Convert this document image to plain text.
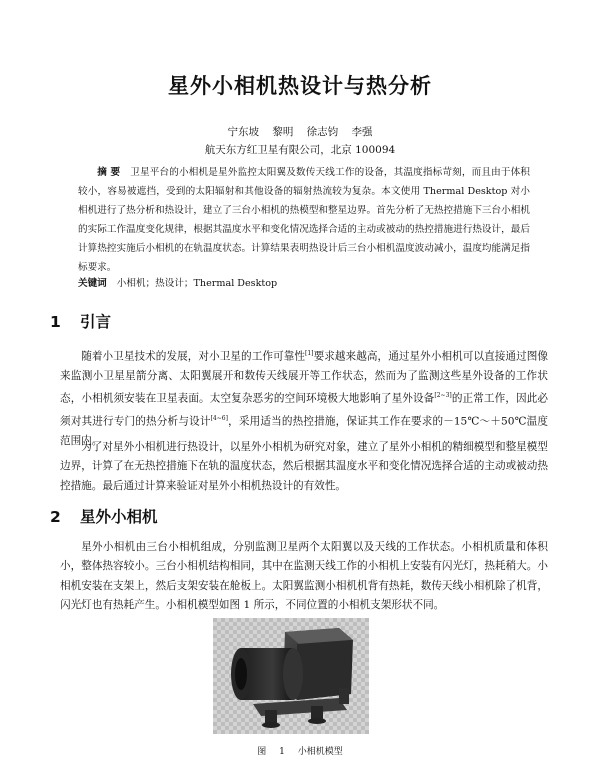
星外小相机热设计与热分析
宁东坡 黎明 徐志钧 李强
航天东方红卫星有限公司，北京 100094
摘 要 卫星平台的小相机是星外监控太阳翼及数传天线工作的设备，其温度指标苛刻，而且由于体积较小，容易被遮挡，受到的太阳辐射和其他设备的辐射热流较为复杂。本文使用 Thermal Desktop 对小相机进行了热分析和热设计，建立了三台小相机的热模型和整星边界。首先分析了无热控措施下三台小相机的实际工作温度变化规律，根据其温度水平和变化情况选择合适的主动或被动的热控措施进行热设计，最后计算热控实施后小相机的在轨温度状态。计算结果表明热设计后三台小相机温度波动减小，温度均能满足指标要求。
关键词 小相机；热设计；Thermal Desktop
1 引言
随着小卫星技术的发展，对小卫星的工作可靠性[1]要求越来越高，通过星外小相机可以直接通过图像来监测小卫星星箭分离、太阳翼展开和数传天线展开等工作状态，然而为了监测这些星外设备的工作状态，小相机须安装在卫星表面。太空复杂恶劣的空间环境极大地影响了星外设备[2~3]的正常工作，因此必须对其进行专门的热分析与设计[4~6]，采用适当的热控措施，保证其工作在要求的－15℃～＋50℃温度范围内。
为了对星外小相机进行热设计，以星外小相机为研究对象，建立了星外小相机的精细模型和整星模型边界，计算了在无热控措施下在轨的温度状态，然后根据其温度水平和变化情况选择合适的主动或被动热控措施。最后通过计算来验证对星外小相机热设计的有效性。
2 星外小相机
星外小相机由三台小相机组成，分别监测卫星两个太阳翼以及天线的工作状态。小相机质量和体积小，整体热容较小。三台小相机结构相同，其中在监测天线工作的小相机上安装有闪光灯，热耗稍大。小相机安装在支架上，然后支架安装在舱板上。太阳翼监测小相机机背有热耗，数传天线小相机除了机背，闪光灯也有热耗产生。小相机模型如图 1 所示，不同位置的小相机支架形状不同。
图 1 小相机模型
